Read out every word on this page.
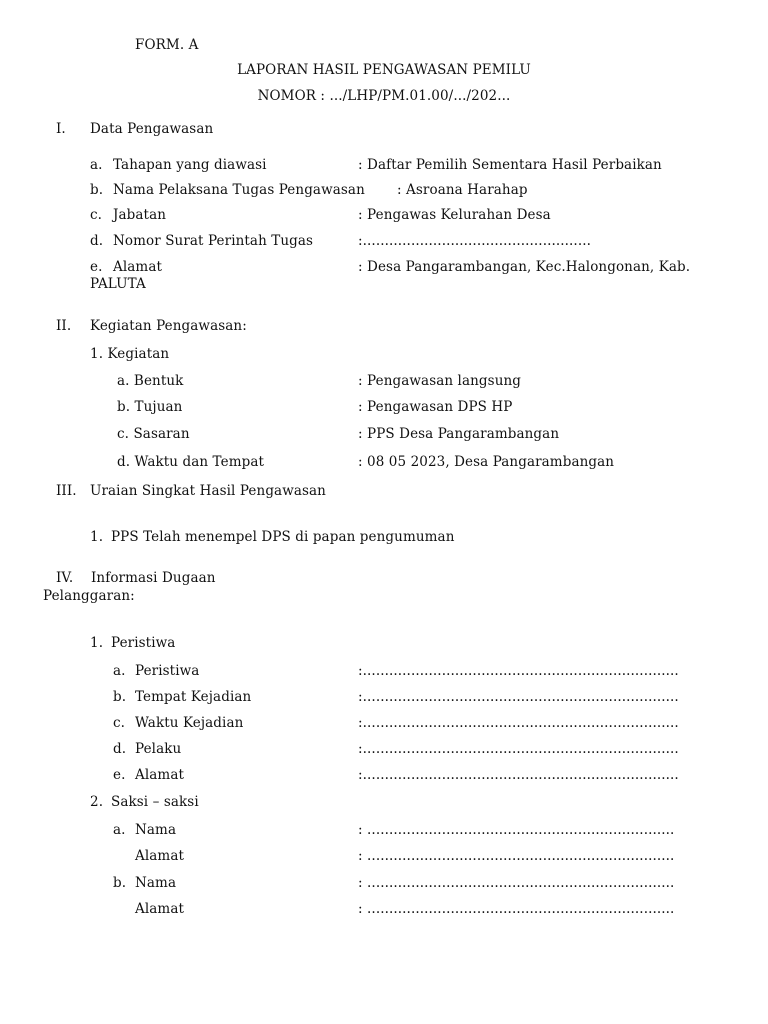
FORM. A
LAPORAN HASIL PENGAWASAN PEMILU
NOMOR : .../LHP/PM.01.00/.../202...
I. Data Pengawasan
a. Tahapan yang diawasi	: Daftar Pemilih Sementara Hasil Perbaikan
b. Nama Pelaksana Tugas Pengawasan : Asroana Harahap
c. Jabatan	: Pengawas Kelurahan Desa
d. Nomor Surat Perintah Tugas	:....................................................
e. Alamat	: Desa Pangarambangan, Kec.Halongonan, Kab.
PALUTA
II. Kegiatan Pengawasan:
1. Kegiatan
a. Bentuk	: Pengawasan langsung
b. Tujuan	: Pengawasan DPS HP
c. Sasaran	: PPS Desa Pangarambangan
d. Waktu dan Tempat	: 08 05 2023, Desa Pangarambangan
III. Uraian Singkat Hasil Pengawasan
1. PPS Telah menempel DPS di papan pengumuman
IV. Informasi Dugaan
Pelanggaran:
1. Peristiwa
a. Peristiwa	:........................................................................
b. Tempat Kejadian	:........................................................................
c. Waktu Kejadian	:........................................................................
d. Pelaku	:........................................................................
e. Alamat	:........................................................................
2. Saksi – saksi
a. Nama	: ......................................................................
Alamat	: ......................................................................
b. Nama	: ......................................................................
Alamat	: ......................................................................
